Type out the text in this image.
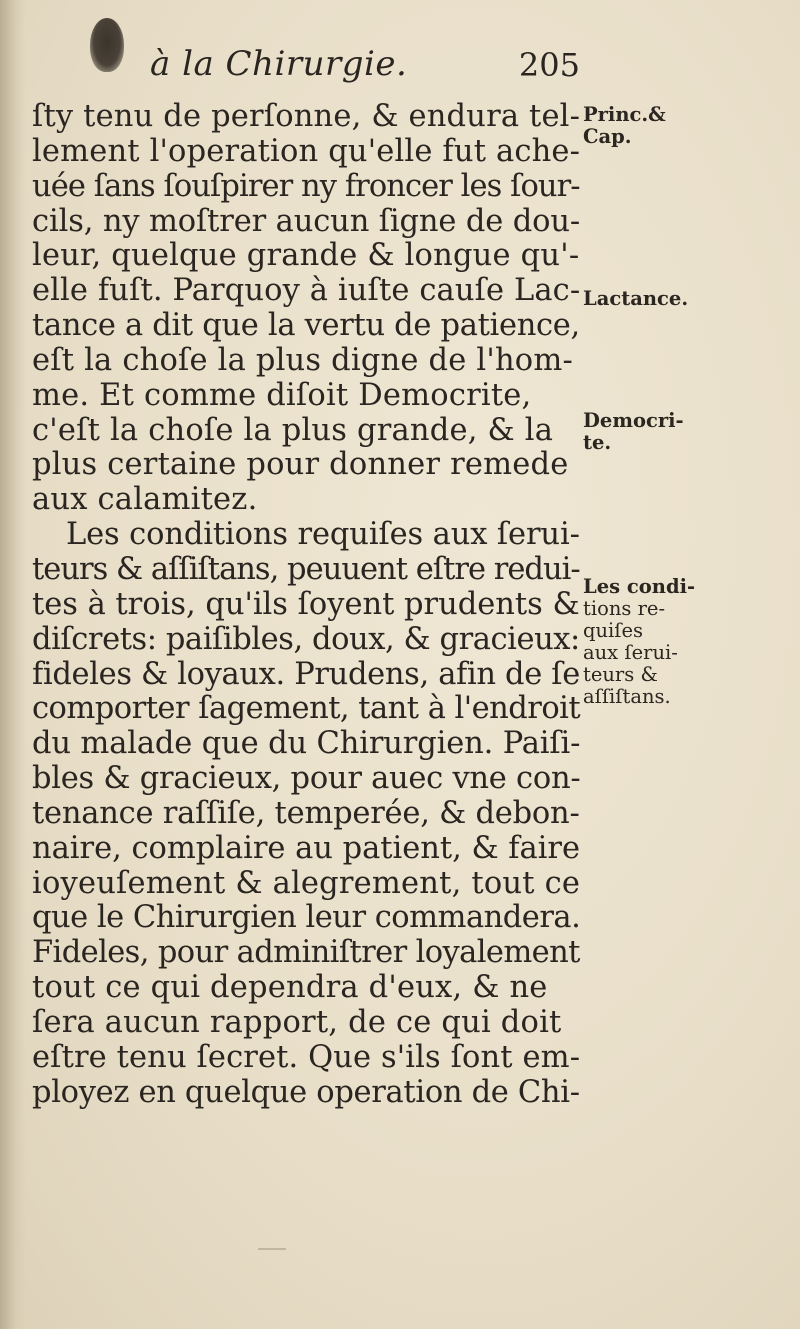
à la Chirurgie.	205
ſty tenu de perſonne, & endura tel-
lement l'operation qu'elle fut ache-
uée ſans ſouſpirer ny froncer les ſour-
cils, ny moſtrer aucun ſigne de dou-
leur, quelque grande & longue qu'-
elle fuſt. Parquoy à iuſte cauſe Lac-
tance a dit que la vertu de patience,
eſt la choſe la plus digne de l'hom-
me. Et comme diſoit Democrite,
c'eſt la choſe la plus grande, & la
plus certaine pour donner remede
aux calamitez.
Les conditions requiſes aux ſerui-
teurs & aſſiſtans, peuuent eſtre redui-
tes à trois, qu'ils ſoyent prudents &
diſcrets: paiſibles, doux, & gracieux:
fideles & loyaux. Prudens, afin de ſe
comporter ſagement, tant à l'endroit
du malade que du Chirurgien. Paiſi-
bles & gracieux, pour auec vne con-
tenance raſſiſe, temperée, & debon-
naire, complaire au patient, & faire
ioyeuſement & alegrement, tout ce
que le Chirurgien leur commandera.
Fideles, pour adminiſtrer loyalement
tout ce qui dependra d'eux, & ne
ſera aucun rapport, de ce qui doit
eſtre tenu ſecret. Que s'ils ſont em-
ployez en quelque operation de Chi-
Princ.&
Cap.
Lactance.
Democri-
te.
Les condi-
tions re-
quiſes
aux ſerui-
teurs &
aſſiſtans.
